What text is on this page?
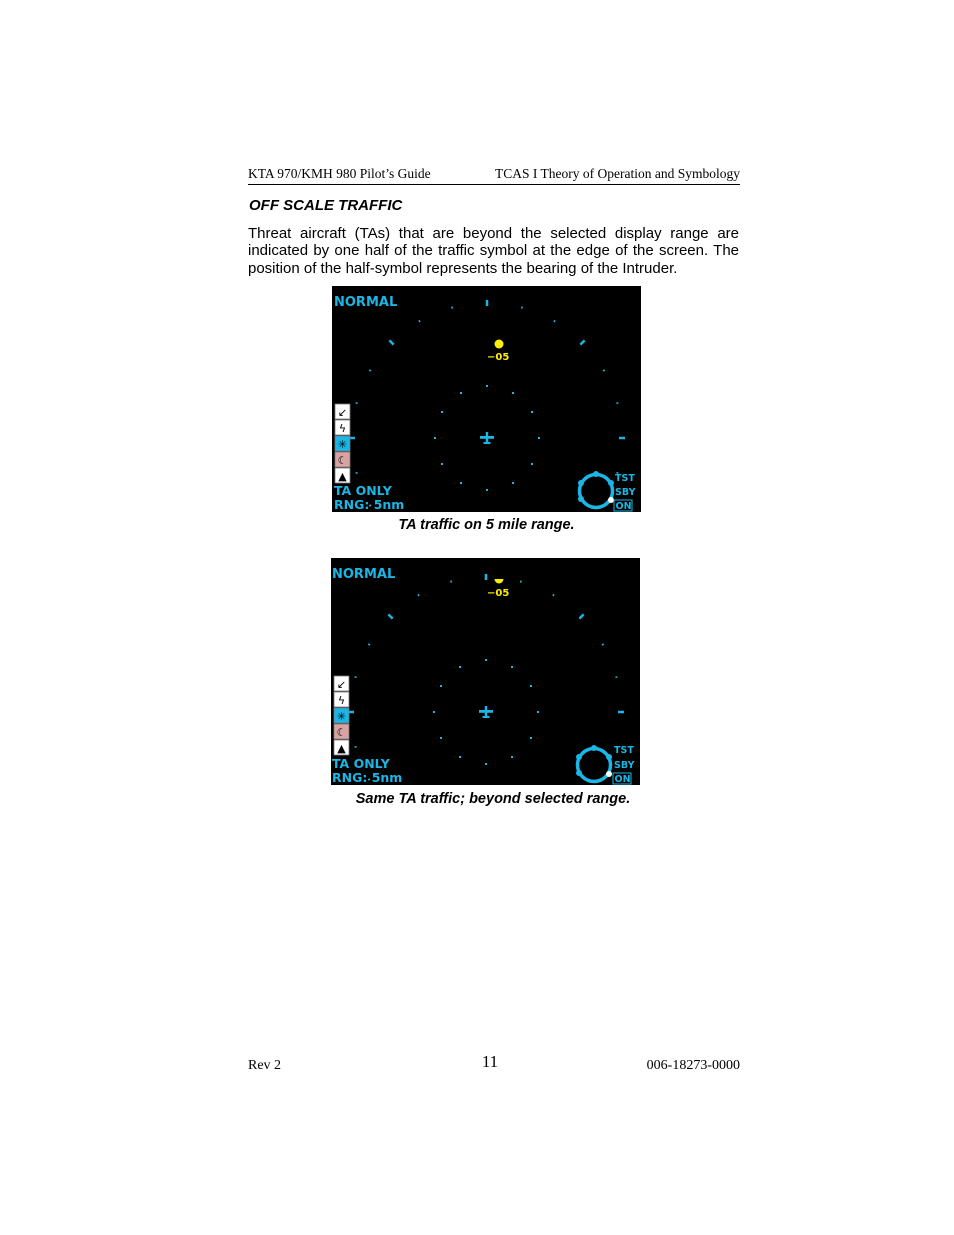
KTA 970/KMH 980 Pilot’s Guide	TCAS I Theory of Operation and Symbology
OFF SCALE TRAFFIC
Threat aircraft (TAs) that are beyond the selected display range are indicated by one half of the traffic symbol at the edge of the screen. The position of the half-symbol represents the bearing of the Intruder.
NORMAL
−05
↙
ϟ
✳
☾
▲
TA ONLY
RNG: 5nm
TST
SBY
ON
TA traffic on 5 mile range.
NORMAL
−05
↙
ϟ
✳
☾
▲
TA ONLY
RNG: 5nm
TST
SBY
ON
Same TA traffic; beyond selected range.
Rev 2	11	006-18273-0000
